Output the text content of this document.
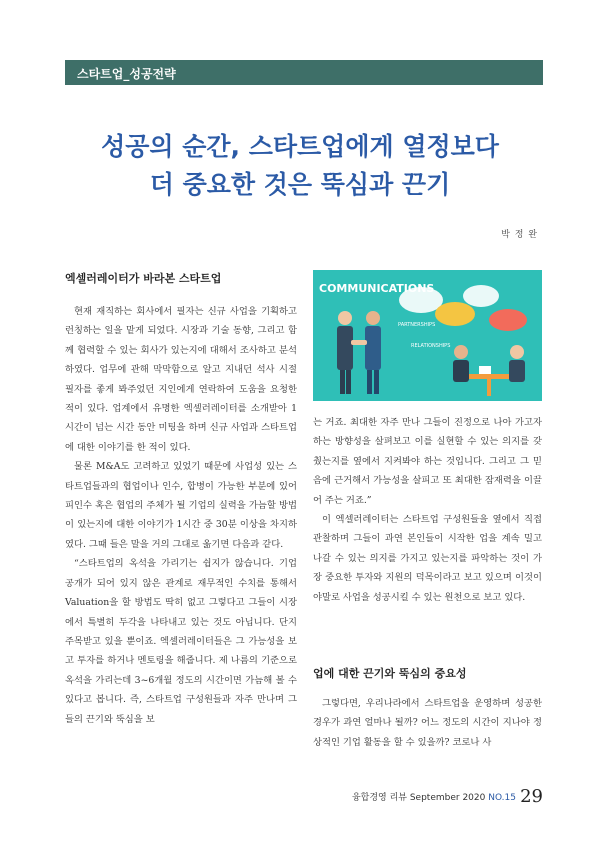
스타트업_성공전략
성공의 순간, 스타트업에게 열정보다
더 중요한 것은 뚝심과 끈기
박 정 완
엑셀러레이터가 바라본 스타트업

현재 재직하는 회사에서 필자는 신규 사업을 기획하고 런칭하는 일을 맡게 되었다. 시장과 기술 동향, 그리고 함께 협력할 수 있는 회사가 있는지에 대해서 조사하고 분석하였다. 업무에 관해 막막함으로 알고 지내던 석사 시절 필자를 좋게 봐주었던 지인에게 연락하여 도움을 요청한 적이 있다. 업계에서 유명한 엑셀러레이터를 소개받아 1시간이 넘는 시간 동안 미팅을 하며 신규 사업과 스타트업에 대한 이야기를 한 적이 있다.

물론 M&A도 고려하고 있었기 때문에 사업성 있는 스타트업들과의 협업이나 인수, 합병이 가능한 부분에 있어 피인수 혹은 협업의 주체가 될 기업의 실력을 가늠할 방법이 있는지에 대한 이야기가 1시간 중 30분 이상을 차지하였다. 그때 들은 말을 거의 그대로 옮기면 다음과 같다.

“스타트업의 옥석을 가리기는 쉽지가 않습니다. 기업 공개가 되어 있지 않은 관계로 재무적인 수치를 통해서 Valuation을 할 방법도 딱히 없고 그렇다고 그들이 시장에서 특별히 두각을 나타내고 있는 것도 아닙니다. 단지 주목받고 있을 뿐이죠. 엑셀러레이터들은 그 가능성을 보고 투자를 하거나 멘토링을 해줍니다. 제 나름의 기준으로 옥석을 가리는데 3~6개월 정도의 시간이면 가늠해 볼 수 있다고 봅니다. 즉, 스타트업 구성원들과 자주 만나며 그들의 끈기와 뚝심을 보

COMMUNICATIONS
PARTNERSHIPS
RELATIONSHIPS

는 거죠. 최대한 자주 만나 그들이 진정으로 나아 가고자 하는 방향성을 살펴보고 이를 실현할 수 있는 의지를 갖췄는지를 옆에서 지켜봐야 하는 것입니다. 그리고 그 믿음에 근거해서 가능성을 살피고 또 최대한 잠재력을 이끌어 주는 거죠.”

이 엑셀러레이터는 스타트업 구성원들을 옆에서 직접 관찰하며 그들이 과연 본인들이 시작한 업을 계속 밀고 나갈 수 있는 의지를 가지고 있는지를 파악하는 것이 가장 중요한 투자와 지원의 덕목이라고 보고 있으며 이것이야말로 사업을 성공시킬 수 있는 원천으로 보고 있다.

업에 대한 끈기와 뚝심의 중요성

그렇다면, 우리나라에서 스타트업을 운영하며 성공한 경우가 과연 얼마나 될까? 어느 정도의 시간이 지나야 정상적인 기업 활동을 할 수 있을까? 코로나 사

융합경영 리뷰 September 2020 NO.15 29
